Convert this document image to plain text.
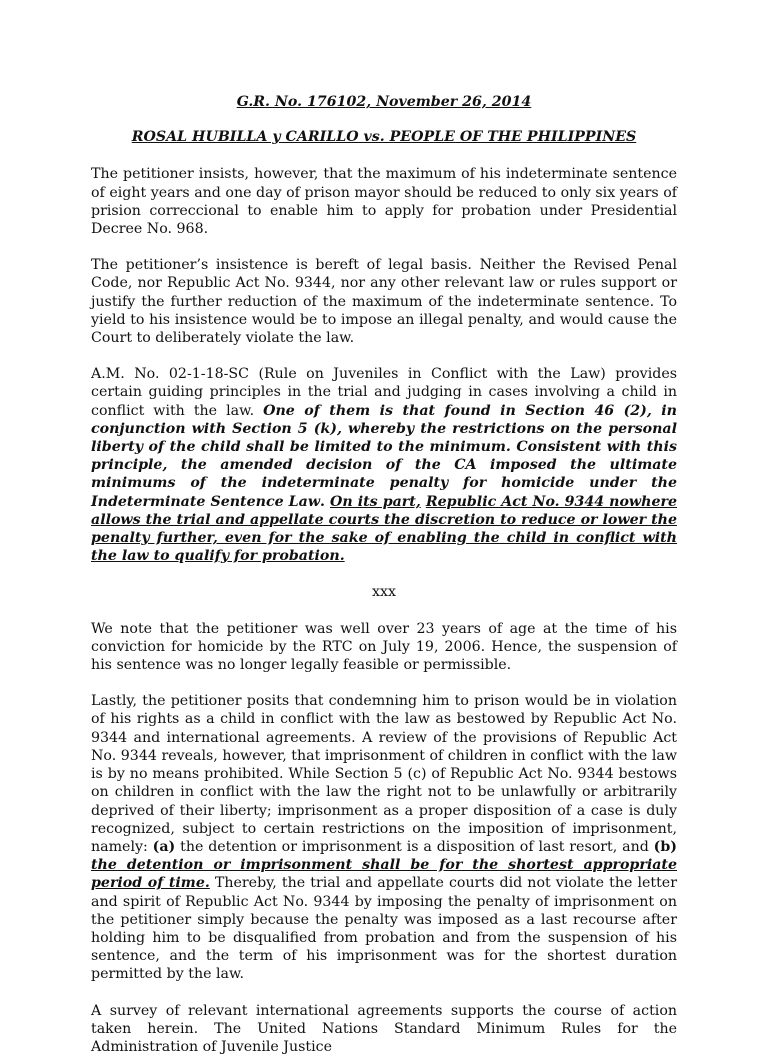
G.R. No. 176102, November 26, 2014

ROSAL HUBILLA y CARILLO vs. PEOPLE OF THE PHILIPPINES

The petitioner insists, however, that the maximum of his indeterminate sentence of eight years and one day of prison mayor should be reduced to only six years of prision correccional to enable him to apply for probation under Presidential Decree No. 968.

The petitioner’s insistence is bereft of legal basis. Neither the Revised Penal Code, nor Republic Act No. 9344, nor any other relevant law or rules support or justify the further reduction of the maximum of the indeterminate sentence. To yield to his insistence would be to impose an illegal penalty, and would cause the Court to deliberately violate the law.

A.M. No. 02-1-18-SC (Rule on Juveniles in Conflict with the Law) provides certain guiding principles in the trial and judging in cases involving a child in conflict with the law. One of them is that found in Section 46 (2), in conjunction with Section 5 (k), whereby the restrictions on the personal liberty of the child shall be limited to the minimum. Consistent with this principle, the amended decision of the CA imposed the ultimate minimums of the indeterminate penalty for homicide under the Indeterminate Sentence Law. On its part, Republic Act No. 9344 nowhere allows the trial and appellate courts the discretion to reduce or lower the penalty further, even for the sake of enabling the child in conflict with the law to qualify for probation.

xxx

We note that the petitioner was well over 23 years of age at the time of his conviction for homicide by the RTC on July 19, 2006. Hence, the suspension of his sentence was no longer legally feasible or permissible.

Lastly, the petitioner posits that condemning him to prison would be in violation of his rights as a child in conflict with the law as bestowed by Republic Act No. 9344 and international agreements. A review of the provisions of Republic Act No. 9344 reveals, however, that imprisonment of children in conflict with the law is by no means prohibited. While Section 5 (c) of Republic Act No. 9344 bestows on children in conflict with the law the right not to be unlawfully or arbitrarily deprived of their liberty; imprisonment as a proper disposition of a case is duly recognized, subject to certain restrictions on the imposition of imprisonment, namely: (a) the detention or imprisonment is a disposition of last resort, and (b) the detention or imprisonment shall be for the shortest appropriate period of time. Thereby, the trial and appellate courts did not violate the letter and spirit of Republic Act No. 9344 by imposing the penalty of imprisonment on the petitioner simply because the penalty was imposed as a last recourse after holding him to be disqualified from probation and from the suspension of his sentence, and the term of his imprisonment was for the shortest duration permitted by the law.

A survey of relevant international agreements supports the course of action taken herein. The United Nations Standard Minimum Rules for the Administration of Juvenile Justice
